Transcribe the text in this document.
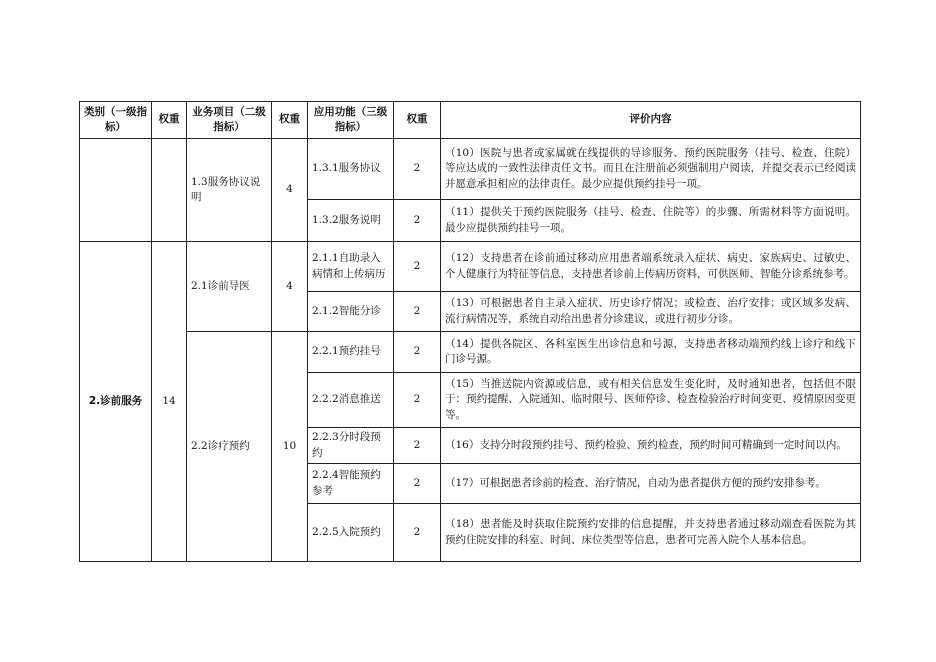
类别（一级指标）	权重	业务项目（二级指标）	权重	应用功能（三级指标）	权重	评价内容
		1.3服务协议说明	4	1.3.1服务协议	2	（10）医院与患者或家属就在线提供的导诊服务、预约医院服务（挂号、检查、住院）等应达成的一致性法律责任文书。而且在注册前必须强制用户阅读，并提交表示已经阅读并愿意承担相应的法律责任。最少应提供预约挂号一项。
				1.3.2服务说明	2	（11）提供关于预约医院服务（挂号、检查、住院等）的步骤、所需材料等方面说明。最少应提供预约挂号一项。
2.诊前服务	14	2.1诊前导医	4	2.1.1自助录入病情和上传病历	2	（12）支持患者在诊前通过移动应用患者端系统录入症状、病史、家族病史、过敏史、个人健康行为特征等信息，支持患者诊前上传病历资料，可供医师、智能分诊系统参考。
				2.1.2智能分诊	2	（13）可根据患者自主录入症状、历史诊疗情况；或检查、治疗安排；或区域多发病、流行病情况等，系统自动给出患者分诊建议，或进行初步分诊。
		2.2诊疗预约	10	2.2.1预约挂号	2	（14）提供各院区、各科室医生出诊信息和号源，支持患者移动端预约线上诊疗和线下门诊号源。
				2.2.2消息推送	2	（15）当推送院内资源或信息，或有相关信息发生变化时，及时通知患者，包括但不限于：预约提醒、入院通知、临时限号、医师停诊、检查检验治疗时间变更、疫情原因变更等。
				2.2.3分时段预约	2	（16）支持分时段预约挂号、预约检验、预约检查，预约时间可精确到一定时间以内。
				2.2.4智能预约参考	2	（17）可根据患者诊前的检查、治疗情况，自动为患者提供方便的预约安排参考。
				2.2.5入院预约	2	（18）患者能及时获取住院预约安排的信息提醒，并支持患者通过移动端查看医院为其预约住院安排的科室、时间、床位类型等信息，患者可完善入院个人基本信息。
